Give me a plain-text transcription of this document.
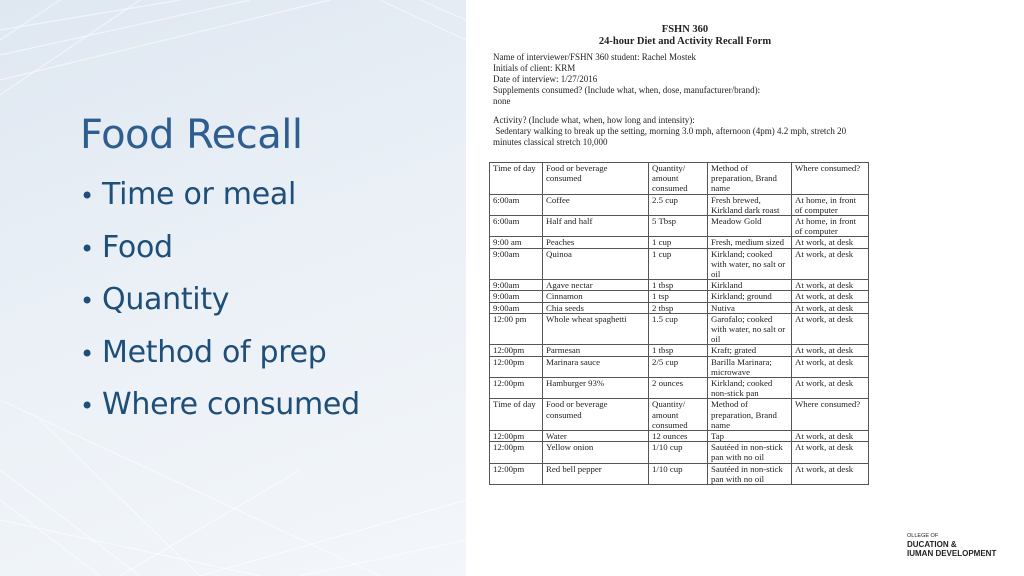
Food Recall
• Time or meal
• Food
• Quantity
• Method of prep
• Where consumed
FSHN 360
24-hour Diet and Activity Recall Form
Name of interviewer/FSHN 360 student: Rachel Mostek
Initials of client: KRM
Date of interview: 1/27/2016
Supplements consumed? (Include what, when, dose, manufacturer/brand):
none
Activity? (Include what, when, how long and intensity):
Sedentary walking to break up the setting, morning 3.0 mph, afternoon (4pm) 4.2 mph, stretch 20
minutes classical stretch 10,000
Time of day	Food or beverage consumed	Quantity/ amount consumed	Method of preparation, Brand name	Where consumed?
6:00am	Coffee	2.5 cup	Fresh brewed, Kirkland dark roast	At home, in front of computer
6:00am	Half and half	5 Tbsp	Meadow Gold	At home, in front of computer
9:00 am	Peaches	1 cup	Fresh, medium sized	At work, at desk
9:00am	Quinoa	1 cup	Kirkland; cooked with water, no salt or oil	At work, at desk
9:00am	Agave nectar	1 tbsp	Kirkland	At work, at desk
9:00am	Cinnamon	1 tsp	Kirkland; ground	At work, at desk
9:00am	Chia seeds	2 tbsp	Nutiva	At work, at desk
12:00 pm	Whole wheat spaghetti	1.5 cup	Garofalo; cooked with water, no salt or oil	At work, at desk
12:00pm	Parmesan	1 tbsp	Kraft; grated	At work, at desk
12:00pm	Marinara sauce	2/5 cup	Barilla Marinara; microwave	At work, at desk
12:00pm	Hamburger 93%	2 ounces	Kirkland; cooked non-stick pan	At work, at desk
Time of day	Food or beverage consumed	Quantity/ amount consumed	Method of preparation, Brand name	Where consumed?
12:00pm	Water	12 ounces	Tap	At work, at desk
12:00pm	Yellow onion	1/10 cup	Sautéed in non-stick pan with no oil	At work, at desk
12:00pm	Red bell pepper	1/10 cup	Sautéed in non-stick pan with no oil	At work, at desk
OLLEGE OF
DUCATION &
IUMAN DEVELOPMENT
